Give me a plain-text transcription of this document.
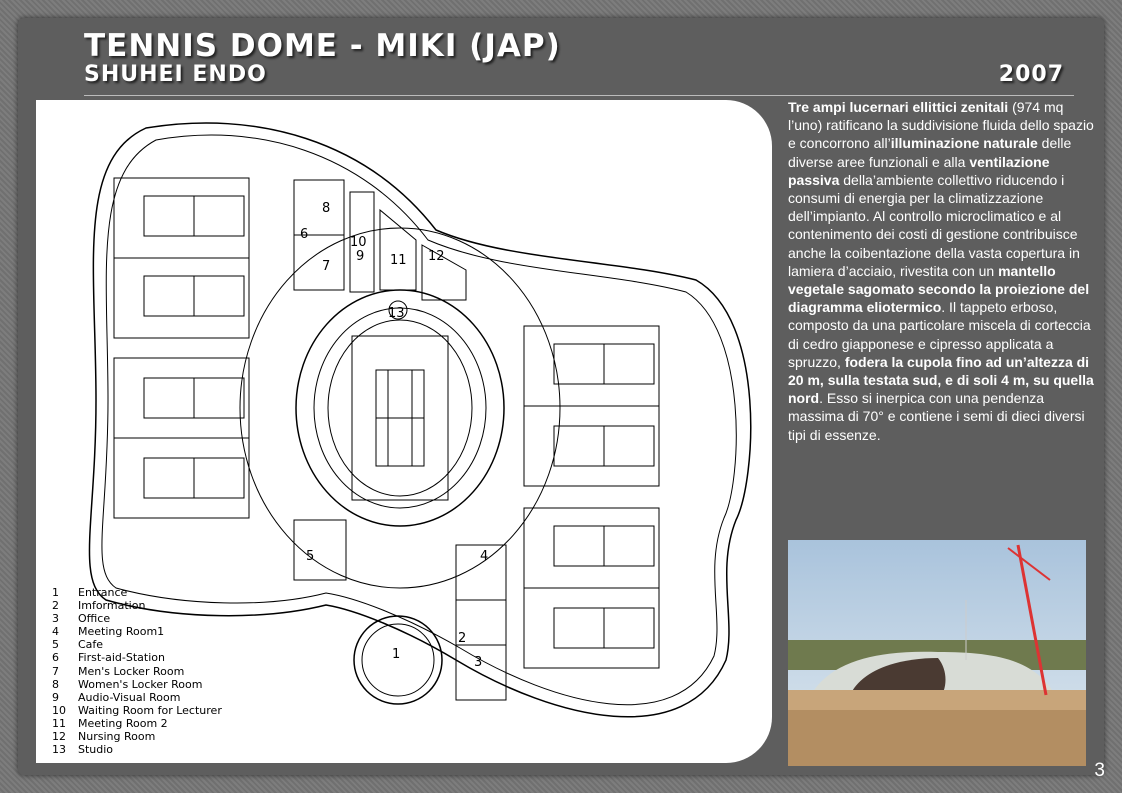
TENNIS DOME - MIKI (JAP)
SHUHEI ENDO	2007
1
2
3
4
5
6
7
8
9
10
11 12
13
1 Entrance
2 Imformation
3 Office
4 Meeting Room1
5 Cafe
6 First-aid-Station
7 Men's Locker Room
8 Women's Locker Room
9 Audio-Visual Room
10 Waiting Room for Lecturer
11 Meeting Room 2
12 Nursing Room
13 Studio
Tre ampi lucernari ellittici zenitali (974 mq l’uno) ratificano la suddivisione fluida dello spazio e concorrono all’illuminazione naturale delle diverse aree funzionali e alla ventilazione passiva della’ambiente collettivo riducendo i consumi di energia per la climatizzazione dell’impianto. Al controllo microclimatico e al contenimento dei costi di gestione contribuisce anche la coibentazione della vasta copertura in lamiera d’acciaio, rivestita con un mantello vegetale sagomato secondo la proiezione del diagramma eliotermico. Il tappeto erboso, composto da una particolare miscela di corteccia di cedro giapponese e cipresso applicata a spruzzo, fodera la cupola fino ad un’altezza di 20 m, sulla testata sud, e di soli 4 m, su quella nord. Esso si inerpica con una pendenza massima di 70° e contiene i semi di dieci diversi tipi di essenze.
3
